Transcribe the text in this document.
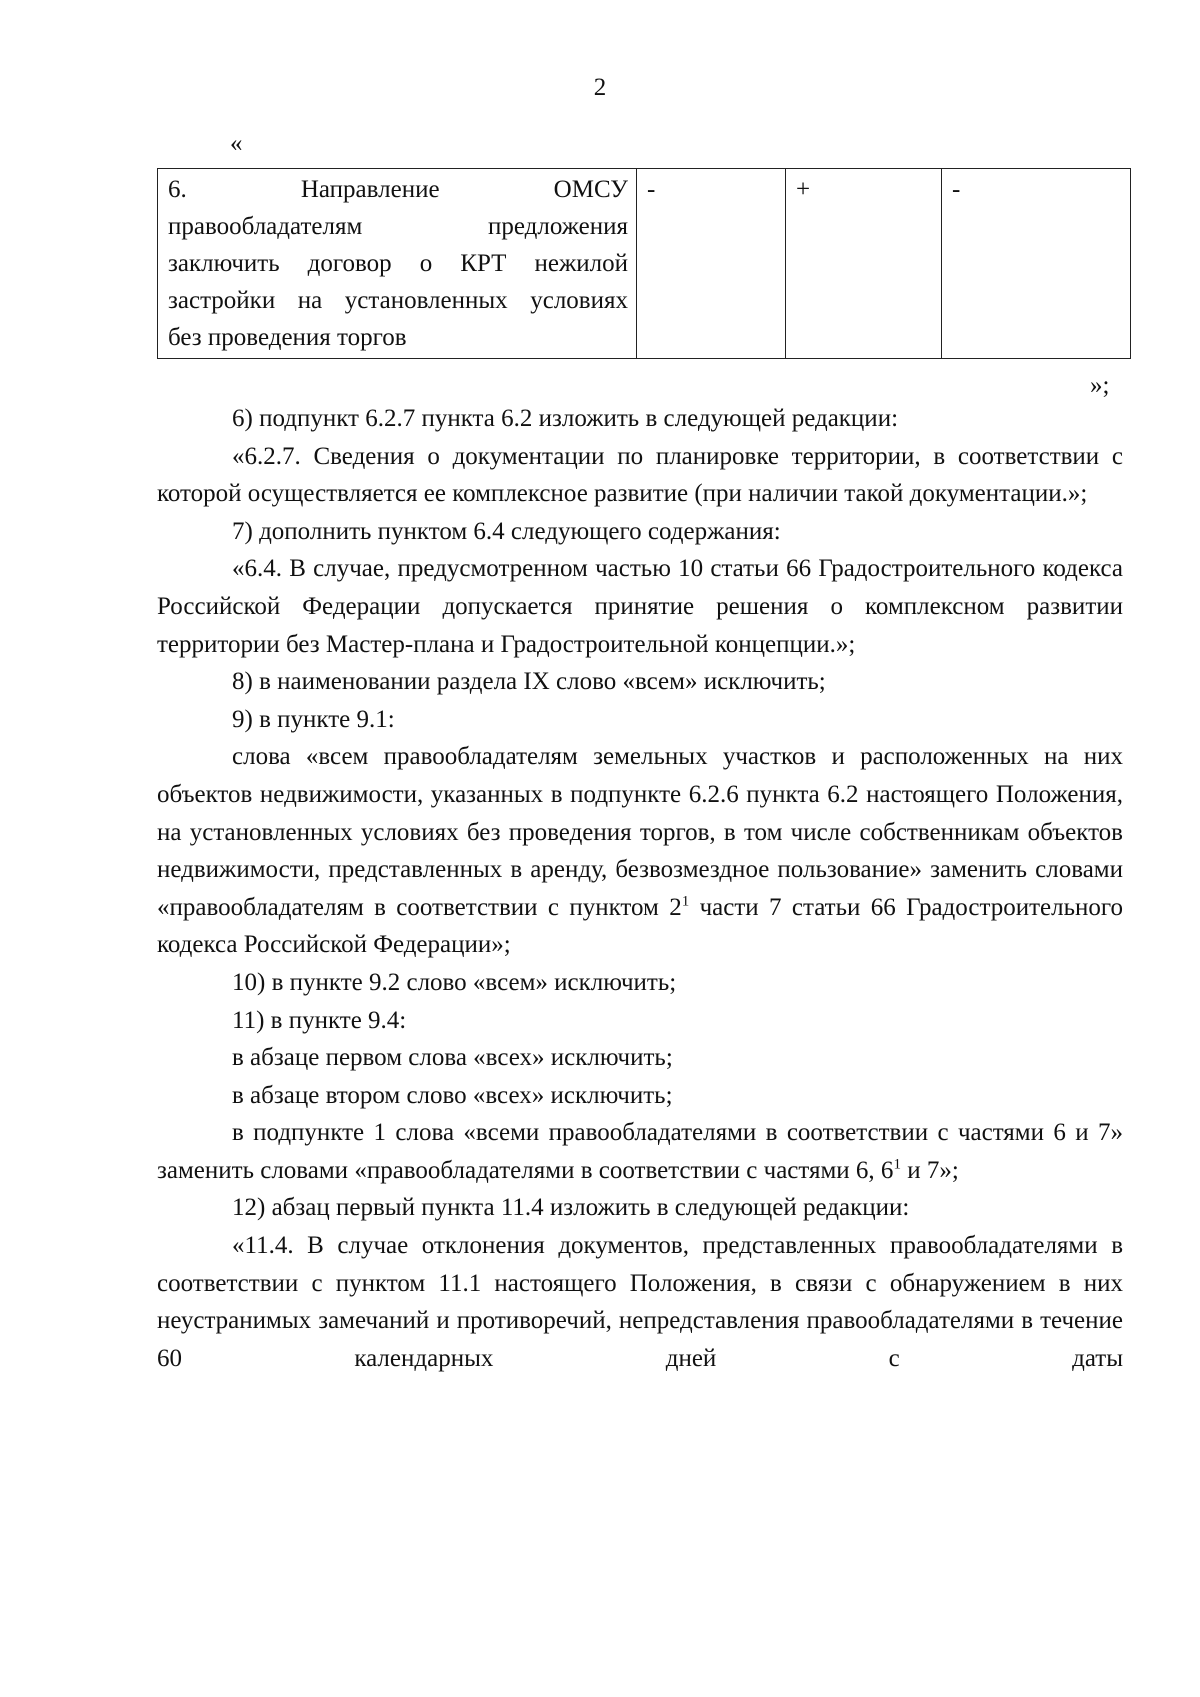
2
«
6. Направление ОМСУ
правообладателям предложения
заключить договор о КРТ нежилой
застройки на установленных условиях
без проведения торгов
	-	+	-
»;

6) подпункт 6.2.7 пункта 6.2 изложить в следующей редакции:

«6.2.7. Сведения о документации по планировке территории, в соответствии с которой осуществляется ее комплексное развитие (при наличии такой документации.»;

7) дополнить пунктом 6.4 следующего содержания:

«6.4. В случае, предусмотренном частью 10 статьи 66 Градостроительного кодекса Российской Федерации допускается принятие решения о комплексном развитии территории без Мастер-плана и Градостроительной концепции.»;

8) в наименовании раздела IX слово «всем» исключить;

9) в пункте 9.1:

слова «всем правообладателям земельных участков и расположенных на них объектов недвижимости, указанных в подпункте 6.2.6 пункта 6.2 настоящего Положения, на установленных условиях без проведения торгов, в том числе собственникам объектов недвижимости, представленных в аренду, безвозмездное пользование» заменить словами «правообладателям в соответствии с пунктом $2^1$ части 7 статьи 66 Градостроительного кодекса Российской Федерации»;

10) в пункте 9.2 слово «всем» исключить;

11) в пункте 9.4:

в абзаце первом слова «всех» исключить;

в абзаце втором слово «всех» исключить;

в подпункте 1 слова «всеми правообладателями в соответствии с частями 6 и 7» заменить словами «правообладателями в соответствии с частями 6, $6^1$ и 7»;

12) абзац первый пункта 11.4 изложить в следующей редакции:

«11.4. В случае отклонения документов, представленных правообладателями в соответствии с пунктом 11.1 настоящего Положения, в связи с обнаружением в них неустранимых замечаний и противоречий, непредставления правообладателями в течение 60 календарных дней с даты
